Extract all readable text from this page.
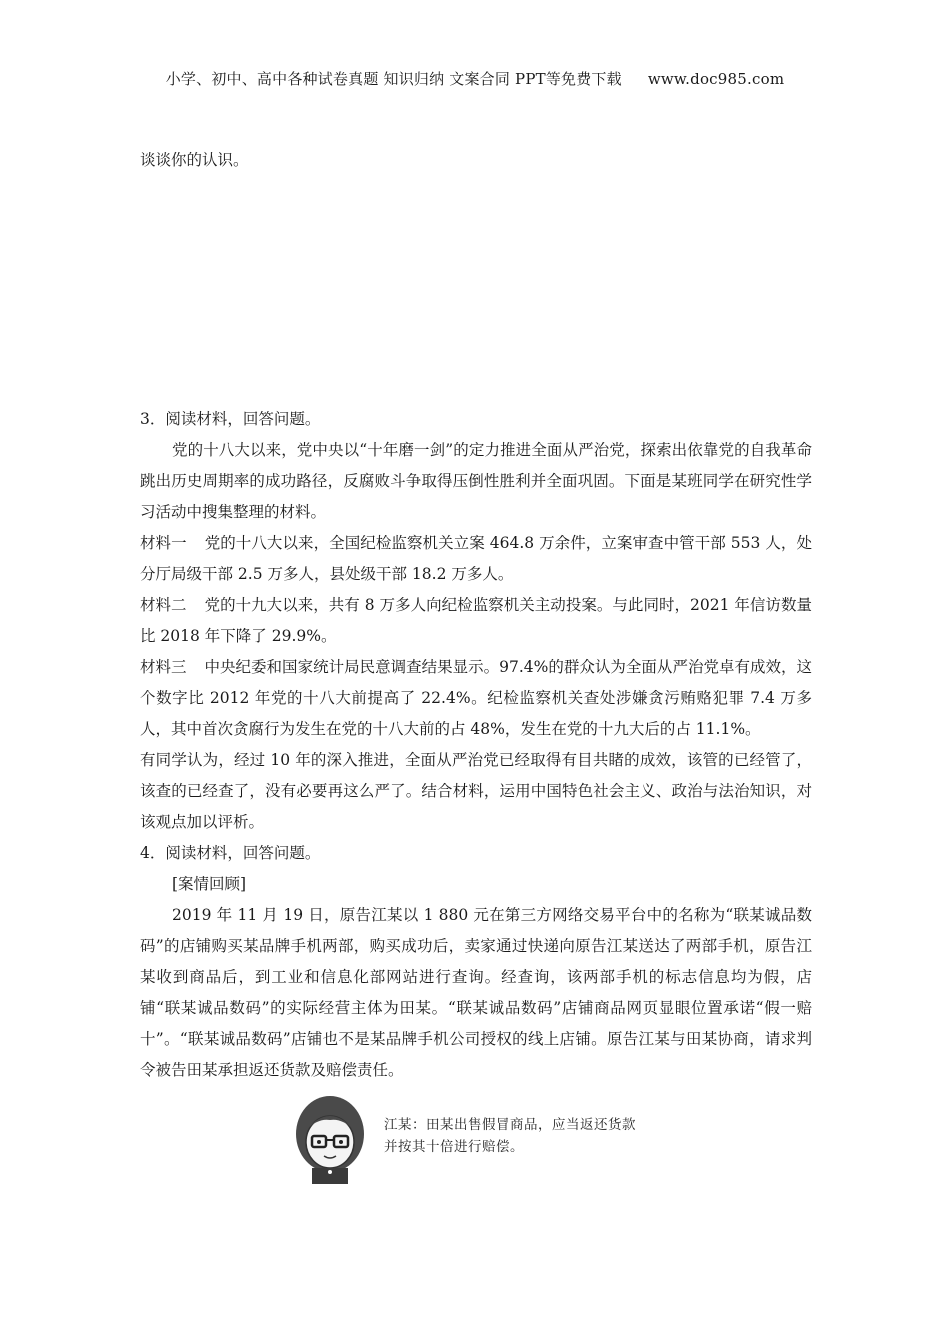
小学、初中、高中各种试卷真题 知识归纳 文案合同 PPT等免费下载 www.doc985.com

谈谈你的认识。

3．阅读材料，回答问题。

党的十八大以来，党中央以“十年磨一剑”的定力推进全面从严治党，探索出依靠党的自我革命跳出历史周期率的成功路径，反腐败斗争取得压倒性胜利并全面巩固。下面是某班同学在研究性学习活动中搜集整理的材料。

材料一 党的十八大以来，全国纪检监察机关立案 464.8 万余件，立案审查中管干部 553 人，处分厅局级干部 2.5 万多人，县处级干部 18.2 万多人。

材料二 党的十九大以来，共有 8 万多人向纪检监察机关主动投案。与此同时，2021 年信访数量比 2018 年下降了 29.9%。

材料三 中央纪委和国家统计局民意调查结果显示。97.4%的群众认为全面从严治党卓有成效，这个数字比 2012 年党的十八大前提高了 22.4%。纪检监察机关查处涉嫌贪污贿赂犯罪 7.4 万多人，其中首次贪腐行为发生在党的十八大前的占 48%，发生在党的十九大后的占 11.1%。

有同学认为，经过 10 年的深入推进，全面从严治党已经取得有目共睹的成效，该管的已经管了，该查的已经查了，没有必要再这么严了。结合材料，运用中国特色社会主义、政治与法治知识，对该观点加以评析。

4．阅读材料，回答问题。

[案情回顾]

2019 年 11 月 19 日，原告江某以 1 880 元在第三方网络交易平台中的名称为“联某诚品数码”的店铺购买某品牌手机两部，购买成功后，卖家通过快递向原告江某送达了两部手机，原告江某收到商品后，到工业和信息化部网站进行查询。经查询，该两部手机的标志信息均为假，店铺“联某诚品数码”的实际经营主体为田某。“联某诚品数码”店铺商品网页显眼位置承诺“假一赔十”。“联某诚品数码”店铺也不是某品牌手机公司授权的线上店铺。原告江某与田某协商，请求判令被告田某承担返还货款及赔偿责任。

江某：田某出售假冒商品，应当返还货款
并按其十倍进行赔偿。
